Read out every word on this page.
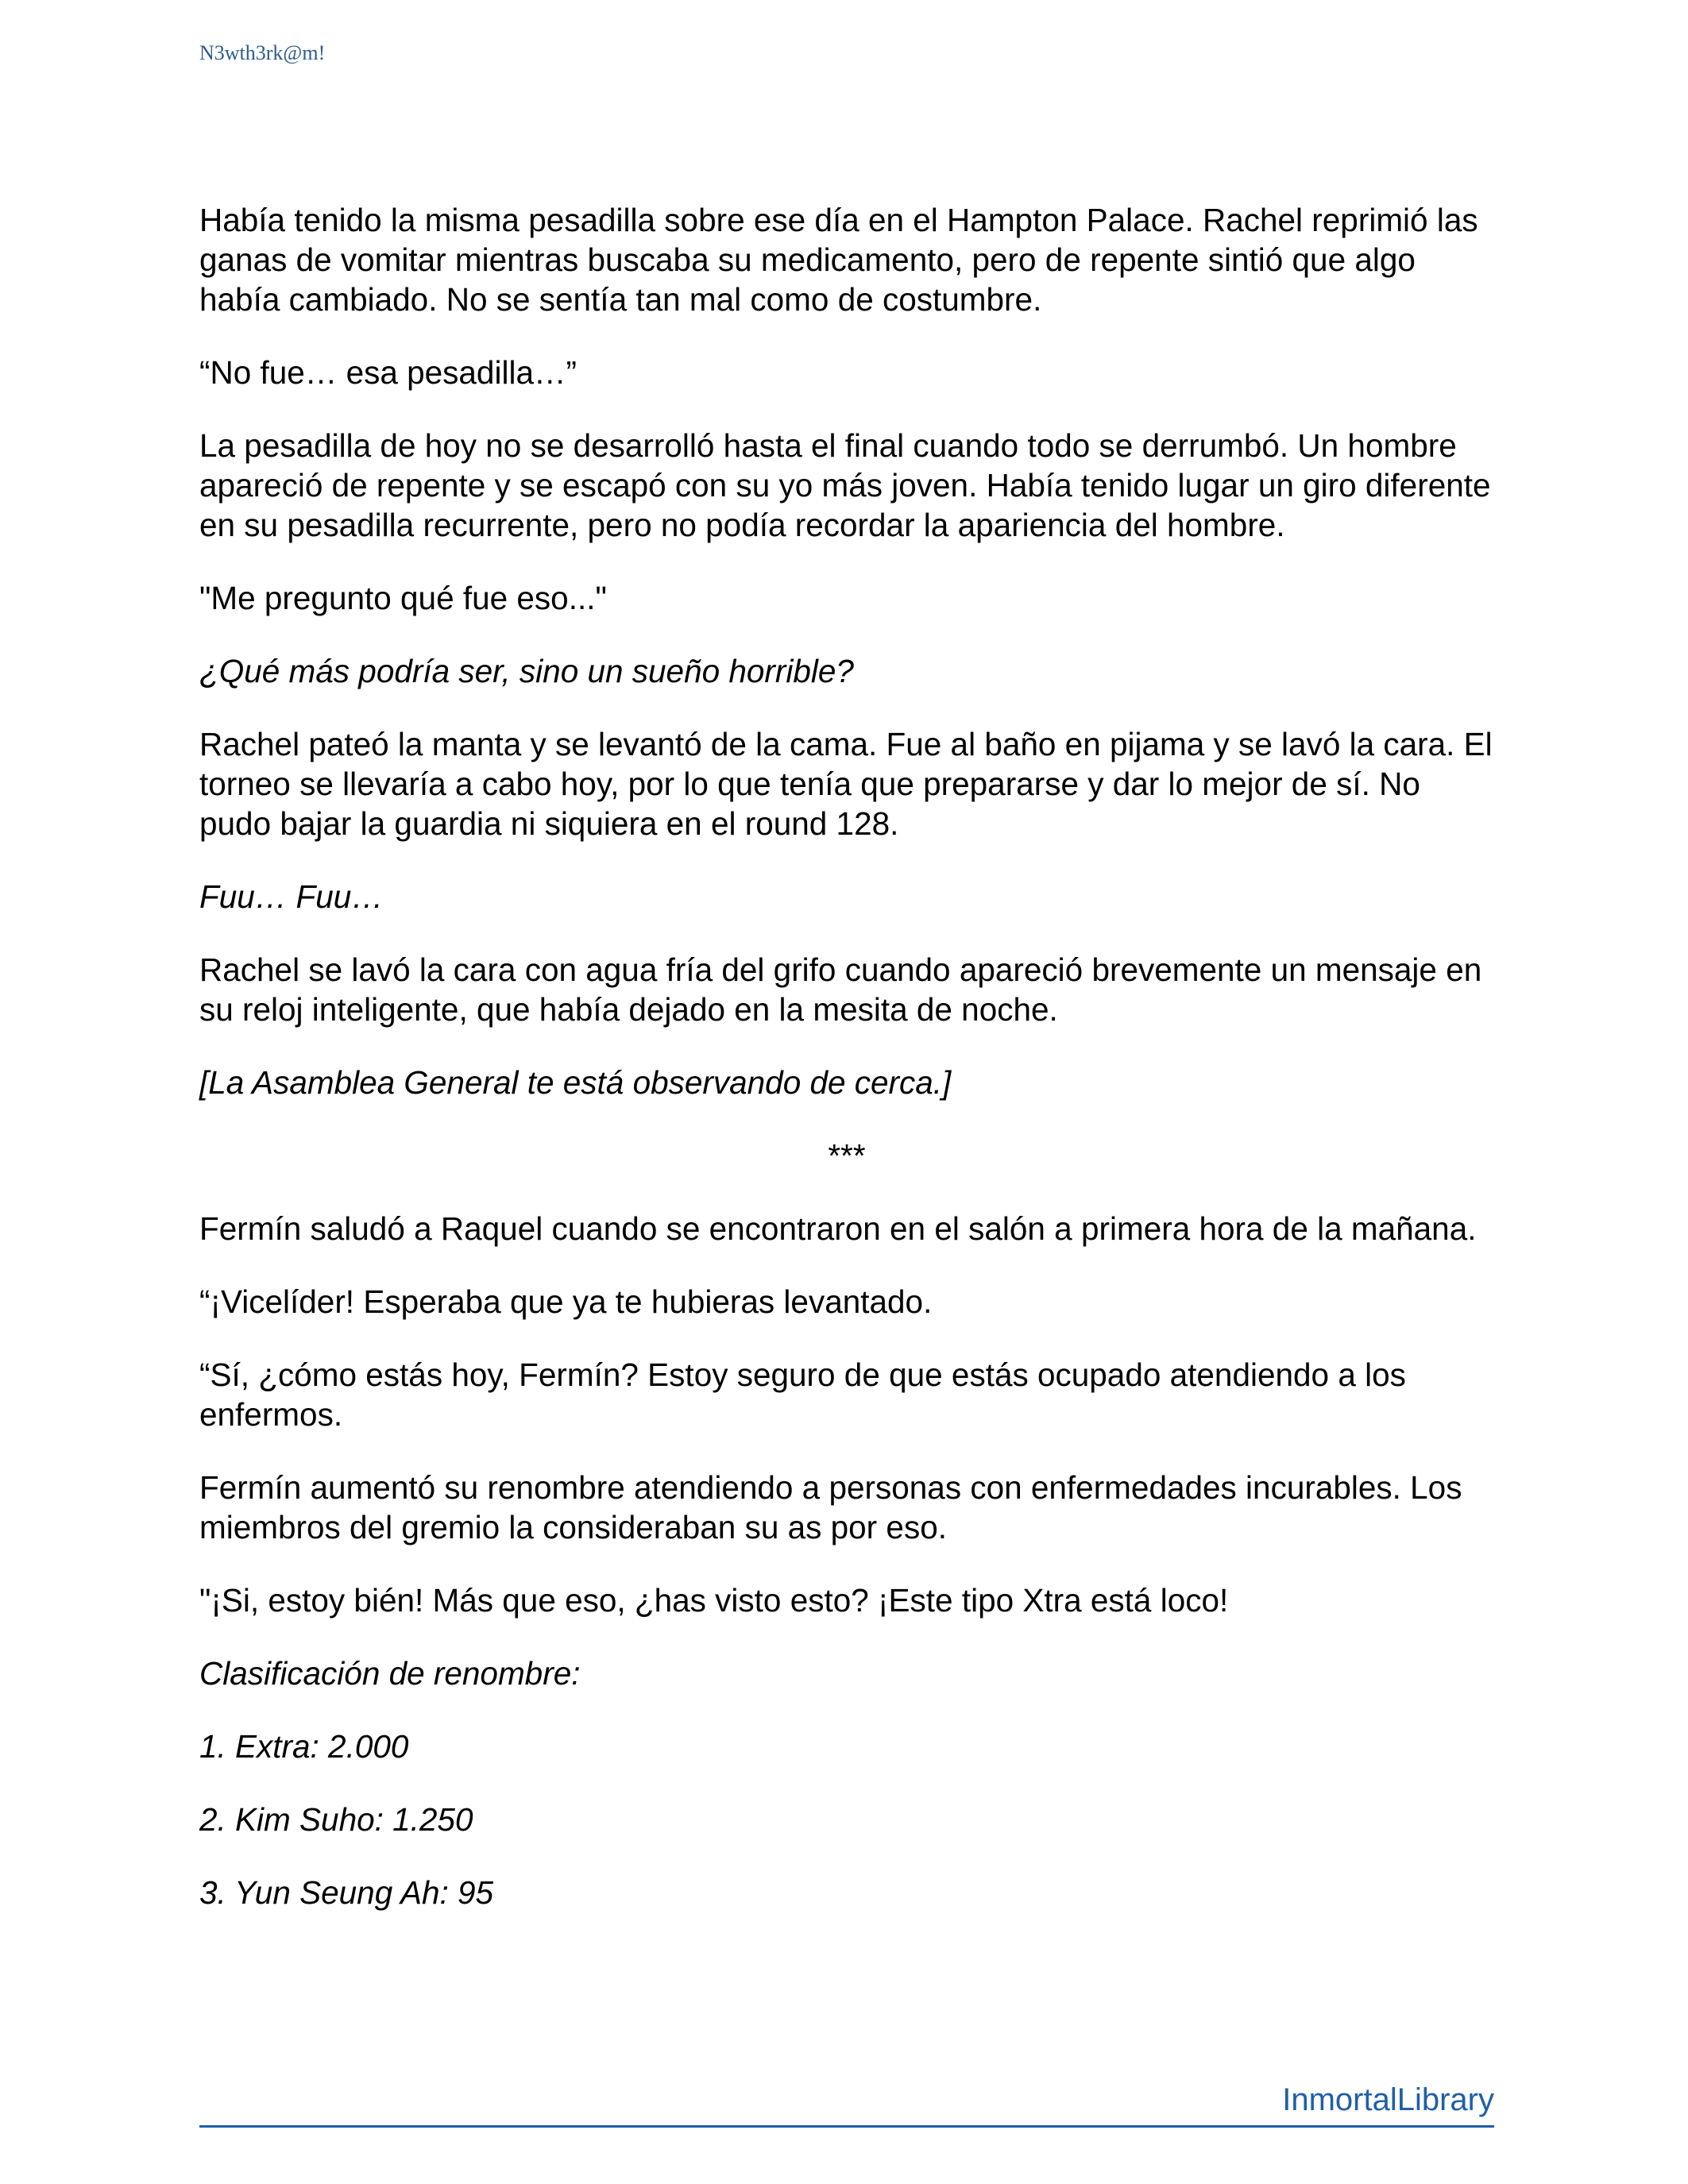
N3wth3rk@m!

Había tenido la misma pesadilla sobre ese día en el Hampton Palace. Rachel reprimió las ganas de vomitar mientras buscaba su medicamento, pero de repente sintió que algo había cambiado. No se sentía tan mal como de costumbre.

“No fue… esa pesadilla…”

La pesadilla de hoy no se desarrolló hasta el final cuando todo se derrumbó. Un hombre apareció de repente y se escapó con su yo más joven. Había tenido lugar un giro diferente en su pesadilla recurrente, pero no podía recordar la apariencia del hombre.

"Me pregunto qué fue eso..."

¿Qué más podría ser, sino un sueño horrible?

Rachel pateó la manta y se levantó de la cama. Fue al baño en pijama y se lavó la cara. El torneo se llevaría a cabo hoy, por lo que tenía que prepararse y dar lo mejor de sí. No pudo bajar la guardia ni siquiera en el round 128.

Fuu… Fuu…

Rachel se lavó la cara con agua fría del grifo cuando apareció brevemente un mensaje en su reloj inteligente, que había dejado en la mesita de noche.

[La Asamblea General te está observando de cerca.]

***

Fermín saludó a Raquel cuando se encontraron en el salón a primera hora de la mañana.

“¡Vicelíder! Esperaba que ya te hubieras levantado.

“Sí, ¿cómo estás hoy, Fermín? Estoy seguro de que estás ocupado atendiendo a los enfermos.

Fermín aumentó su renombre atendiendo a personas con enfermedades incurables. Los miembros del gremio la consideraban su as por eso.

"¡Si, estoy bién! Más que eso, ¿has visto esto? ¡Este tipo Xtra está loco!

Clasificación de renombre:

1. Extra: 2.000

2. Kim Suho: 1.250

3. Yun Seung Ah: 95

InmortalLibrary
